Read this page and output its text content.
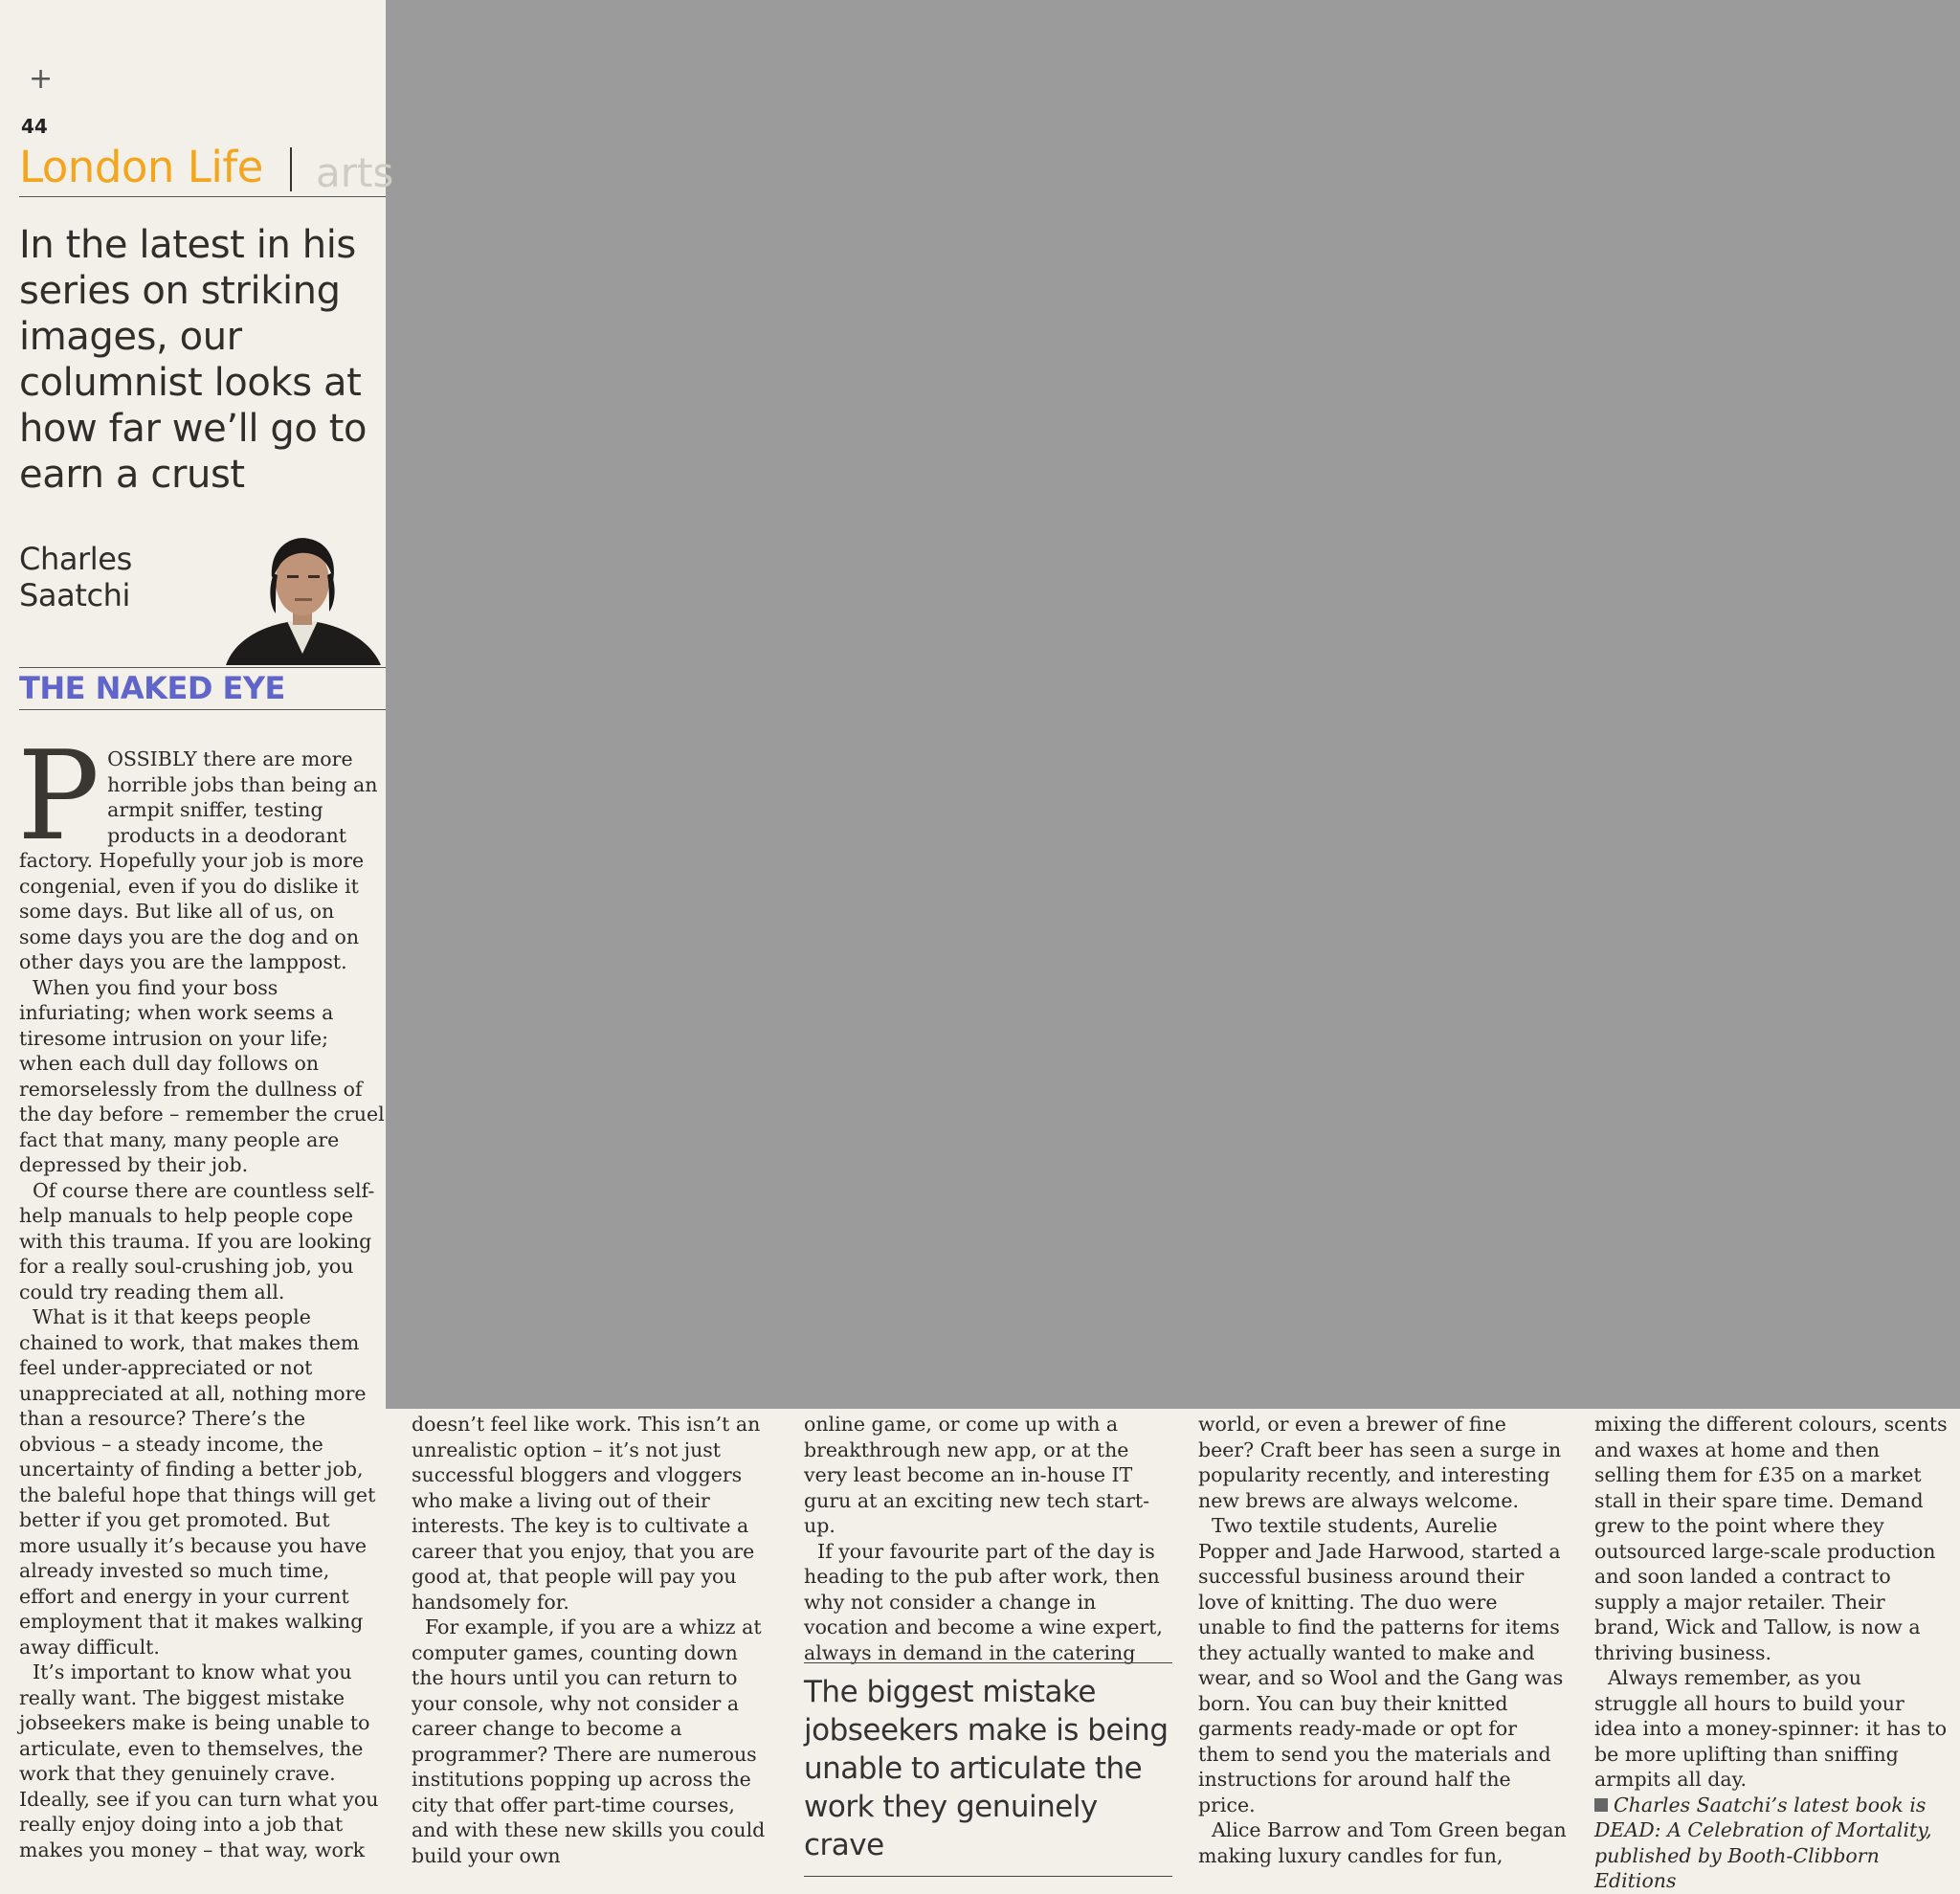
+
44
London Life arts
In the latest in his series on striking images, our columnist looks at how far we’ll go to earn a crust
Charles
Saatchi
THE NAKED EYE

POSSIBLY there are more horrible jobs than being an armpit sniffer, testing products in a deodorant factory. Hopefully your job is more congenial, even if you do dislike it some days. But like all of us, on some days you are the dog and on other days you are the lamppost.

When you find your boss infuriating; when work seems a tiresome intrusion on your life; when each dull day follows on remorselessly from the dullness of the day before – remember the cruel fact that many, many people are depressed by their job.

Of course there are countless self-help manuals to help people cope with this trauma. If you are looking for a really soul-crushing job, you could try reading them all.

What is it that keeps people chained to work, that makes them feel under-appreciated or not unappreciated at all, nothing more than a resource? There’s the obvious – a steady income, the uncertainty of finding a better job, the baleful hope that things will get better if you get promoted. But more usually it’s because you have already invested so much time, effort and energy in your current employment that it makes walking away difficult.

It’s important to know what you really want. The biggest mistake jobseekers make is being unable to articulate, even to themselves, the work that they genuinely crave. Ideally, see if you can turn what you really enjoy doing into a job that makes you money – that way, work

doesn’t feel like work. This isn’t an unrealistic option – it’s not just successful bloggers and vloggers who make a living out of their interests. The key is to cultivate a career that you enjoy, that you are good at, that people will pay you handsomely for.

For example, if you are a whizz at computer games, counting down the hours until you can return to your console, why not consider a career change to become a programmer? There are numerous institutions popping up across the city that offer part-time courses, and with these new skills you could build your own

online game, or come up with a breakthrough new app, or at the very least become an in-house IT guru at an exciting new tech start-up.

If your favourite part of the day is heading to the pub after work, then why not consider a change in vocation and become a wine expert, always in demand in the catering

The biggest mistake jobseekers make is being unable to articulate the work they genuinely crave

world, or even a brewer of fine beer? Craft beer has seen a surge in popularity recently, and interesting new brews are always welcome.

Two textile students, Aurelie Popper and Jade Harwood, started a successful business around their love of knitting. The duo were unable to find the patterns for items they actually wanted to make and wear, and so Wool and the Gang was born. You can buy their knitted garments ready-made or opt for them to send you the materials and instructions for around half the price.

Alice Barrow and Tom Green began making luxury candles for fun,

mixing the different colours, scents and waxes at home and then selling them for £35 on a market stall in their spare time. Demand grew to the point where they outsourced large-scale production and soon landed a contract to supply a major retailer. Their brand, Wick and Tallow, is now a thriving business.

Always remember, as you struggle all hours to build your idea into a money-spinner: it has to be more uplifting than sniffing armpits all day.

Charles Saatchi’s latest book is DEAD: A Celebration of Mortality, published by Booth-Clibborn Editions
